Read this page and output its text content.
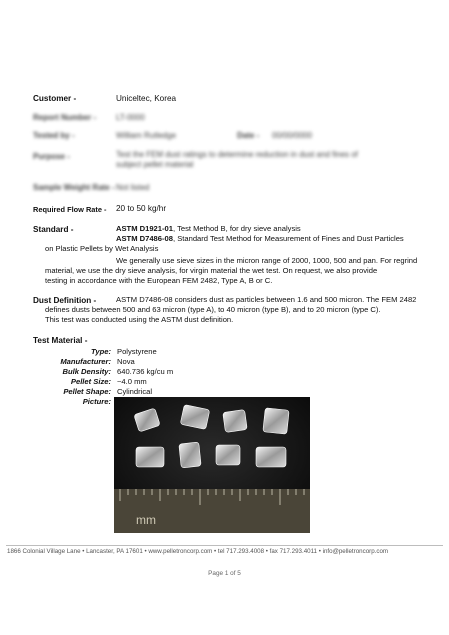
Customer -	Uniceltec, Korea
Report Number - LT-0000
Tested by -	William Rutledge	Date - 00/00/0000
Purpose -	Test the FEM dust ratings to determine reduction in dust and fines of
subject pellet material
Sample Weight Rate - Not listed
Required Flow Rate - 20 to 50 kg/hr
Standard -	ASTM D1921-01, Test Method B, for dry sieve analysis
ASTM D7486-08, Standard Test Method for Measurement of Fines and Dust Particles
on Plastic Pellets by Wet Analysis
We generally use sieve sizes in the micron range of 2000, 1000, 500 and pan. For regrind
material, we use the dry sieve analysis, for virgin material the wet test. On request, we also provide
testing in accordance with the European FEM 2482, Type A, B or C.
Dust Definition -	ASTM D7486-08 considers dust as particles between 1.6 and 500 micron. The FEM 2482
defines dusts between 500 and 63 micron (type A), to 40 micron (type B), and to 20 micron (type C).
This test was conducted using the ASTM dust definition.
Test Material -
Type: Polystyrene
Manufacturer: Nova
Bulk Density: 640.736 kg/cu m
Pellet Size: ~4.0 mm
Pellet Shape: Cylindrical
Picture:
mm
1866 Colonial Village Lane • Lancaster, PA 17601 • www.pelletroncorp.com • tel 717.293.4008 • fax 717.293.4011 • info@pelletroncorp.com
Page 1 of 5
